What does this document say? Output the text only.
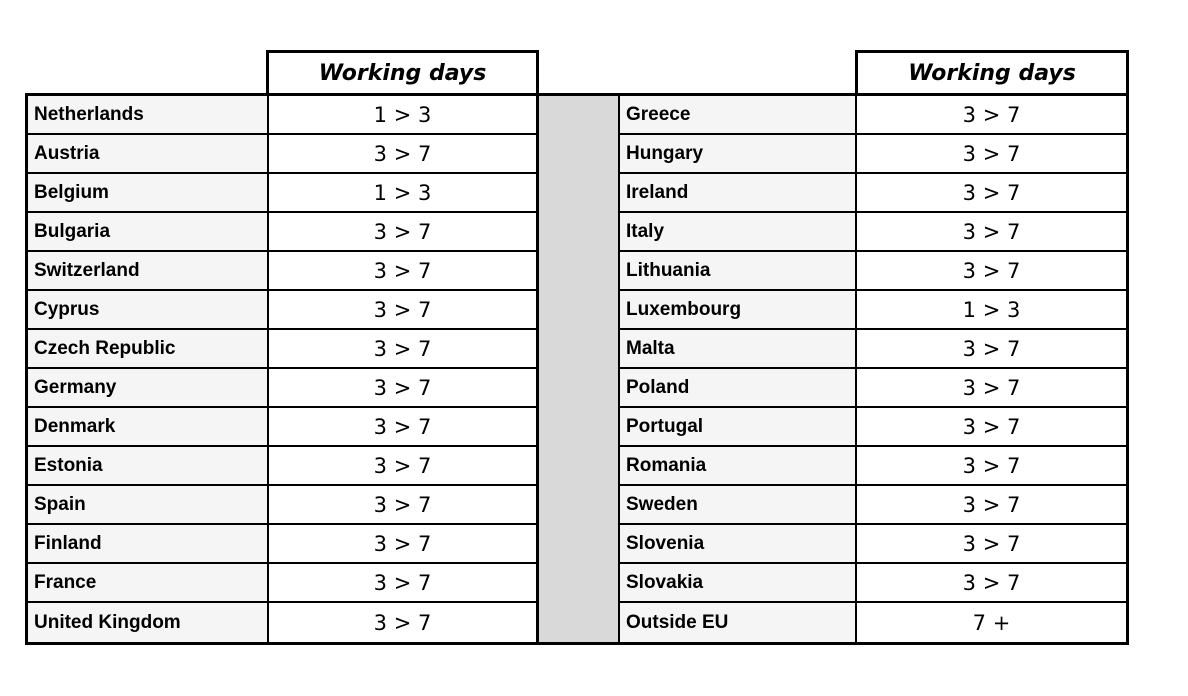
Working days	Working days
Netherlands	1 > 3	Greece	3 > 7
Austria	3 > 7	Hungary	3 > 7
Belgium	1 > 3	Ireland	3 > 7
Bulgaria	3 > 7	Italy	3 > 7
Switzerland	3 > 7	Lithuania	3 > 7
Cyprus	3 > 7	Luxembourg	1 > 3
Czech Republic	3 > 7	Malta	3 > 7
Germany	3 > 7	Poland	3 > 7
Denmark	3 > 7	Portugal	3 > 7
Estonia	3 > 7	Romania	3 > 7
Spain	3 > 7	Sweden	3 > 7
Finland	3 > 7	Slovenia	3 > 7
France	3 > 7	Slovakia	3 > 7
United Kingdom	3 > 7	Outside EU	7 +
